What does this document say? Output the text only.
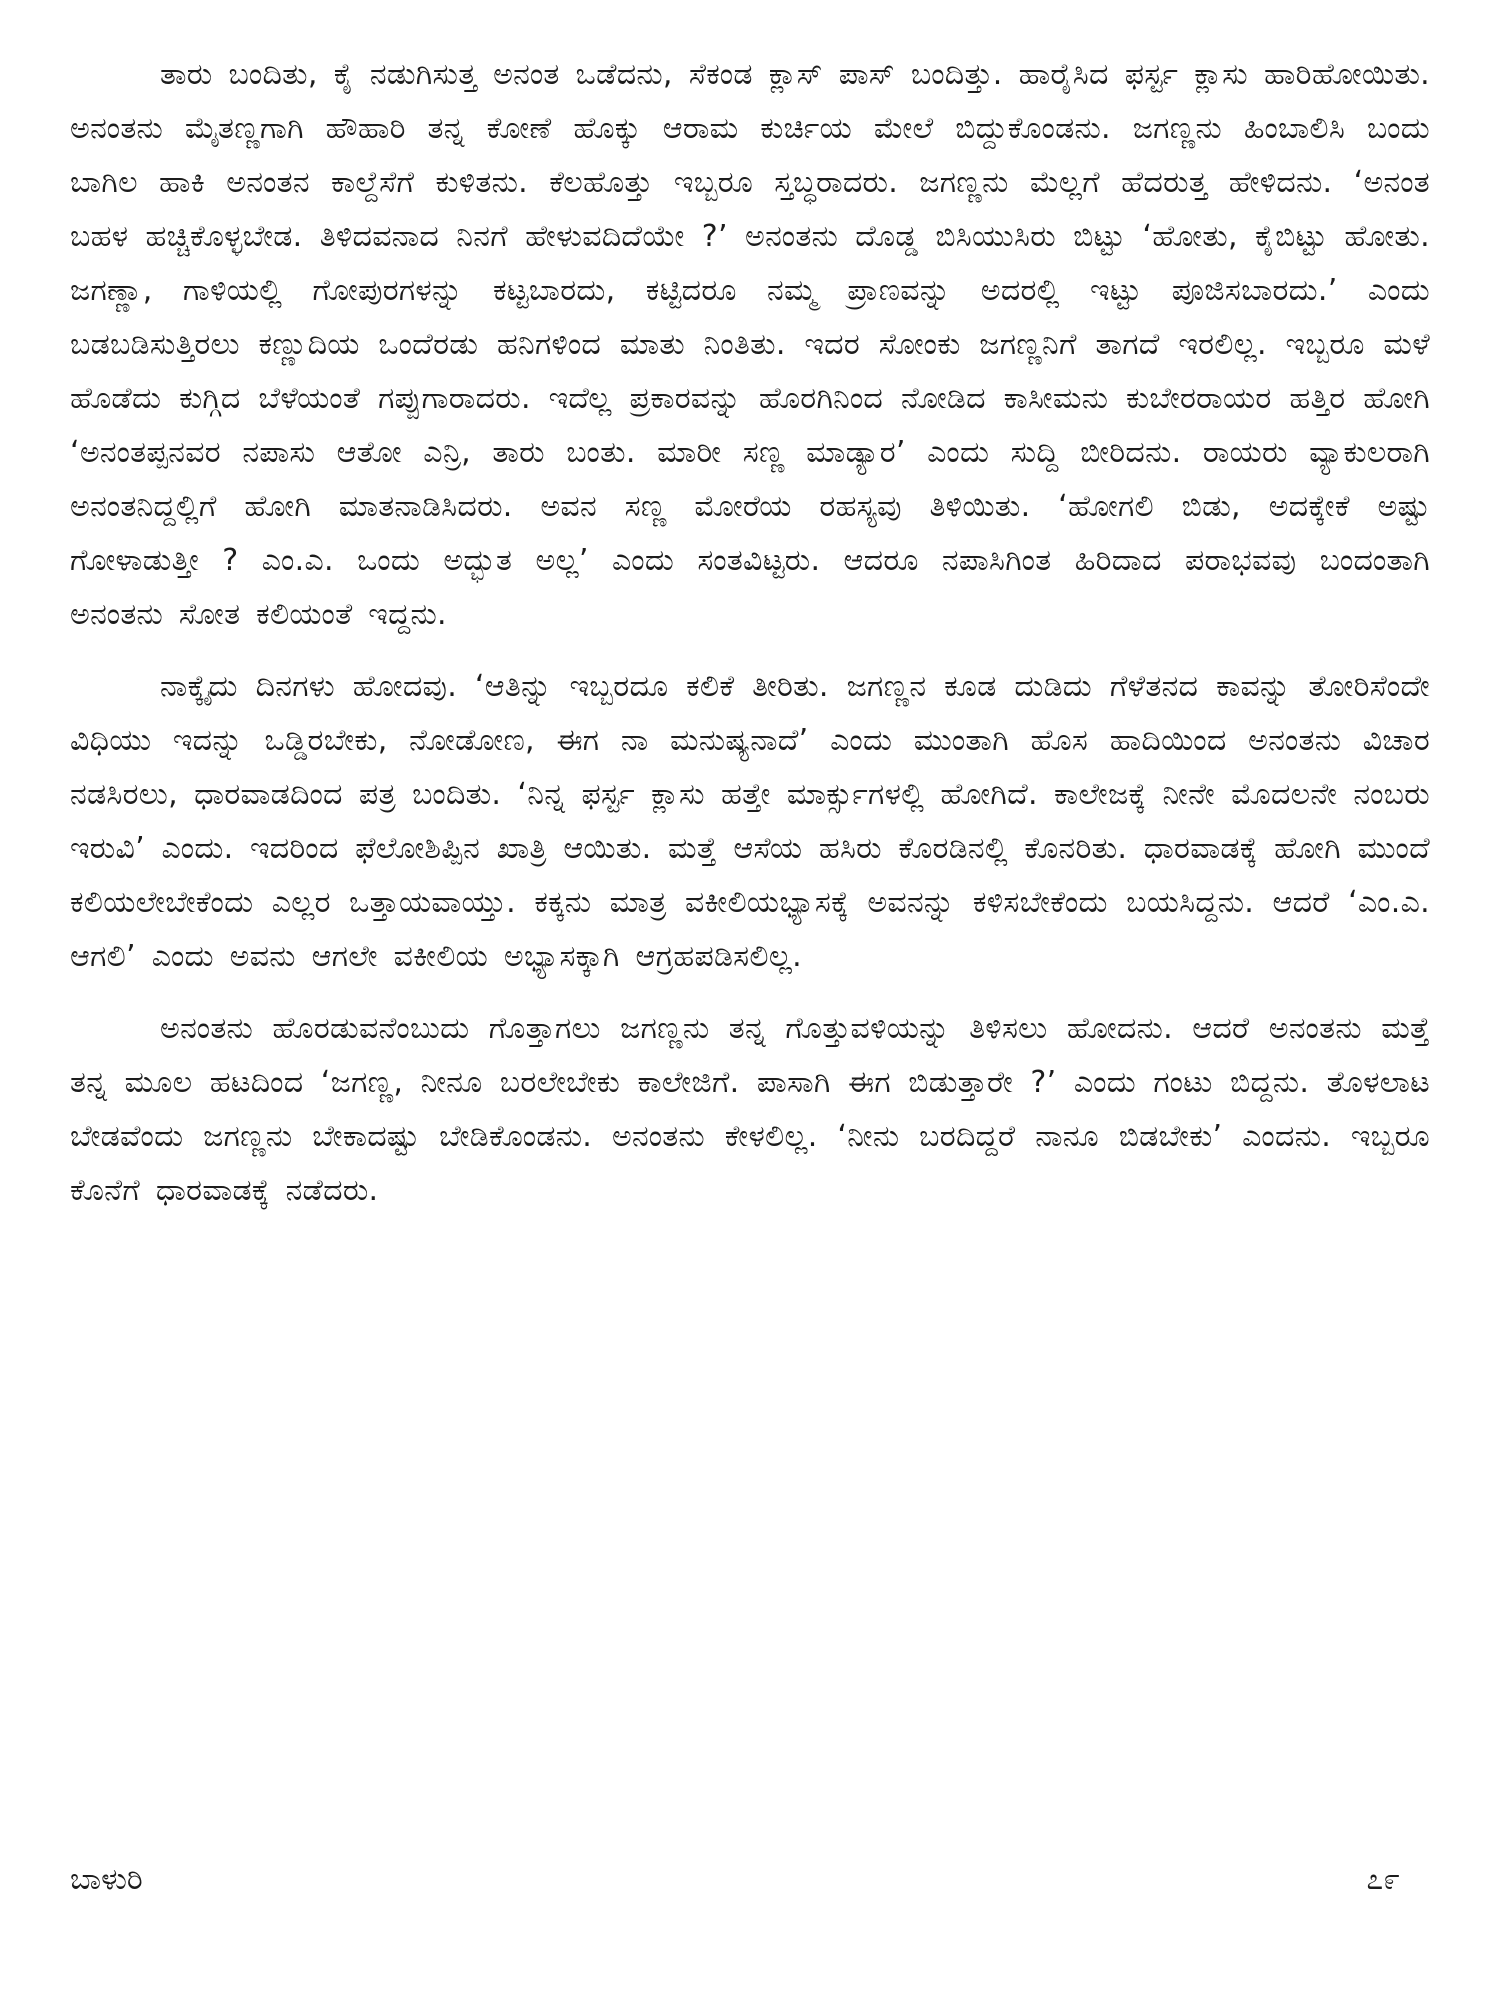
ತಾರು ಬಂದಿತು, ಕೈ ನಡುಗಿಸುತ್ತ ಅನಂತ ಒಡೆದನು, ಸೆಕಂಡ ಕ್ಲಾಸ್ ಪಾಸ್ ಬಂದಿತ್ತು. ಹಾರೈಸಿದ ಫರ್ಸ್ಟ ಕ್ಲಾಸು ಹಾರಿಹೋಯಿತು. ಅನಂತನು ಮೈತಣ್ಣಗಾಗಿ ಹೌಹಾರಿ ತನ್ನ ಕೋಣೆ ಹೊಕ್ಕು ಆರಾಮ ಕುರ್ಚಿಯ ಮೇಲೆ ಬಿದ್ದುಕೊಂಡನು. ಜಗಣ್ಣನು ಹಿಂಬಾಲಿಸಿ ಬಂದು ಬಾಗಿಲ ಹಾಕಿ ಅನಂತನ ಕಾಲ್ದೆಸೆಗೆ ಕುಳಿತನು. ಕೆಲಹೊತ್ತು ಇಬ್ಬರೂ ಸ್ತಬ್ಧರಾದರು. ಜಗಣ್ಣನು ಮೆಲ್ಲಗೆ ಹೆದರುತ್ತ ಹೇಳಿದನು. ‘ಅನಂತ ಬಹಳ ಹಚ್ಚಿಕೊಳ್ಳಬೇಡ. ತಿಳಿದವನಾದ ನಿನಗೆ ಹೇಳುವದಿದೆಯೇ ?’ ಅನಂತನು ದೊಡ್ಡ ಬಿಸಿಯುಸಿರು ಬಿಟ್ಟು ‘ಹೋತು, ಕೈಬಿಟ್ಟು ಹೋತು. ಜಗಣ್ಣಾ, ಗಾಳಿಯಲ್ಲಿ ಗೋಪುರಗಳನ್ನು ಕಟ್ಟಬಾರದು, ಕಟ್ಟಿದರೂ ನಮ್ಮ ಪ್ರಾಣವನ್ನು ಅದರಲ್ಲಿ ಇಟ್ಟು ಪೂಜಿಸಬಾರದು.’ ಎಂದು ಬಡಬಡಿಸುತ್ತಿರಲು ಕಣ್ಣುದಿಯ ಒಂದೆರಡು ಹನಿಗಳಿಂದ ಮಾತು ನಿಂತಿತು. ಇದರ ಸೋಂಕು ಜಗಣ್ಣನಿಗೆ ತಾಗದೆ ಇರಲಿಲ್ಲ. ಇಬ್ಬರೂ ಮಳೆ ಹೊಡೆದು ಕುಗ್ಗಿದ ಬೆಳೆಯಂತೆ ಗಪ್ಪುಗಾರಾದರು. ಇದೆಲ್ಲ ಪ್ರಕಾರವನ್ನು ಹೊರಗಿನಿಂದ ನೋಡಿದ ಕಾಸೀಮನು ಕುಬೇರರಾಯರ ಹತ್ತಿರ ಹೋಗಿ ‘ಅನಂತಪ್ಪನವರ ನಪಾಸು ಆತೋ ಎನ್ರಿ, ತಾರು ಬಂತು. ಮಾರೀ ಸಣ್ಣ ಮಾಡ್ಯಾರ’ ಎಂದು ಸುದ್ದಿ ಬೀರಿದನು. ರಾಯರು ವ್ಯಾಕುಲರಾಗಿ ಅನಂತನಿದ್ದಲ್ಲಿಗೆ ಹೋಗಿ ಮಾತನಾಡಿಸಿದರು. ಅವನ ಸಣ್ಣ ಮೋರೆಯ ರಹಸ್ಯವು ತಿಳಿಯಿತು. ‘ಹೋಗಲಿ ಬಿಡು, ಅದಕ್ಕೇಕೆ ಅಷ್ಟು ಗೋಳಾಡುತ್ತೀ ? ಎಂ.ಎ. ಒಂದು ಅದ್ಭುತ ಅಲ್ಲ’ ಎಂದು ಸಂತವಿಟ್ಟರು. ಆದರೂ ನಪಾಸಿಗಿಂತ ಹಿರಿದಾದ ಪರಾಭವವು ಬಂದಂತಾಗಿ ಅನಂತನು ಸೋತ ಕಲಿಯಂತೆ ಇದ್ದನು.

ನಾಕ್ಕೈದು ದಿನಗಳು ಹೋದವು. ‘ಆತಿನ್ನು ಇಬ್ಬರದೂ ಕಲಿಕೆ ತೀರಿತು. ಜಗಣ್ಣನ ಕೂಡ ದುಡಿದು ಗೆಳೆತನದ ಕಾವನ್ನು ತೋರಿಸೆಂದೇ ವಿಧಿಯು ಇದನ್ನು ಒಡ್ಡಿರಬೇಕು, ನೋಡೋಣ, ಈಗ ನಾ ಮನುಷ್ಯನಾದೆ’ ಎಂದು ಮುಂತಾಗಿ ಹೊಸ ಹಾದಿಯಿಂದ ಅನಂತನು ವಿಚಾರ ನಡಸಿರಲು, ಧಾರವಾಡದಿಂದ ಪತ್ರ ಬಂದಿತು. ‘ನಿನ್ನ ಫರ್ಸ್ಟ ಕ್ಲಾಸು ಹತ್ತೇ ಮಾರ್ಕ್ಸುಗಳಲ್ಲಿ ಹೋಗಿದೆ. ಕಾಲೇಜಕ್ಕೆ ನೀನೇ ಮೊದಲನೇ ನಂಬರು ಇರುವಿ’ ಎಂದು. ಇದರಿಂದ ಫೆಲೋಶಿಪ್ಪಿನ ಖಾತ್ರಿ ಆಯಿತು. ಮತ್ತೆ ಆಸೆಯ ಹಸಿರು ಕೊರಡಿನಲ್ಲಿ ಕೊನರಿತು. ಧಾರವಾಡಕ್ಕೆ ಹೋಗಿ ಮುಂದೆ ಕಲಿಯಲೇಬೇಕೆಂದು ಎಲ್ಲರ ಒತ್ತಾಯವಾಯ್ತು. ಕಕ್ಕನು ಮಾತ್ರ ವಕೀಲಿಯಭ್ಯಾಸಕ್ಕೆ ಅವನನ್ನು ಕಳಿಸಬೇಕೆಂದು ಬಯಸಿದ್ದನು. ಆದರೆ ‘ಎಂ.ಎ. ಆಗಲಿ’ ಎಂದು ಅವನು ಆಗಲೇ ವಕೀಲಿಯ ಅಭ್ಯಾಸಕ್ಕಾಗಿ ಆಗ್ರಹಪಡಿಸಲಿಲ್ಲ.

ಅನಂತನು ಹೊರಡುವನೆಂಬುದು ಗೊತ್ತಾಗಲು ಜಗಣ್ಣನು ತನ್ನ ಗೊತ್ತುವಳಿಯನ್ನು ತಿಳಿಸಲು ಹೋದನು. ಆದರೆ ಅನಂತನು ಮತ್ತೆ ತನ್ನ ಮೂಲ ಹಟದಿಂದ ‘ಜಗಣ್ಣ, ನೀನೂ ಬರಲೇಬೇಕು ಕಾಲೇಜಿಗೆ. ಪಾಸಾಗಿ ಈಗ ಬಿಡುತ್ತಾರೇ ?’ ಎಂದು ಗಂಟು ಬಿದ್ದನು. ತೊಳಲಾಟ ಬೇಡವೆಂದು ಜಗಣ್ಣನು ಬೇಕಾದಷ್ಟು ಬೇಡಿಕೊಂಡನು. ಅನಂತನು ಕೇಳಲಿಲ್ಲ. ‘ನೀನು ಬರದಿದ್ದರೆ ನಾನೂ ಬಿಡಬೇಕು’ ಎಂದನು. ಇಬ್ಬರೂ ಕೊನೆಗೆ ಧಾರವಾಡಕ್ಕೆ ನಡೆದರು.

ಬಾಳುರಿ	೭೯
